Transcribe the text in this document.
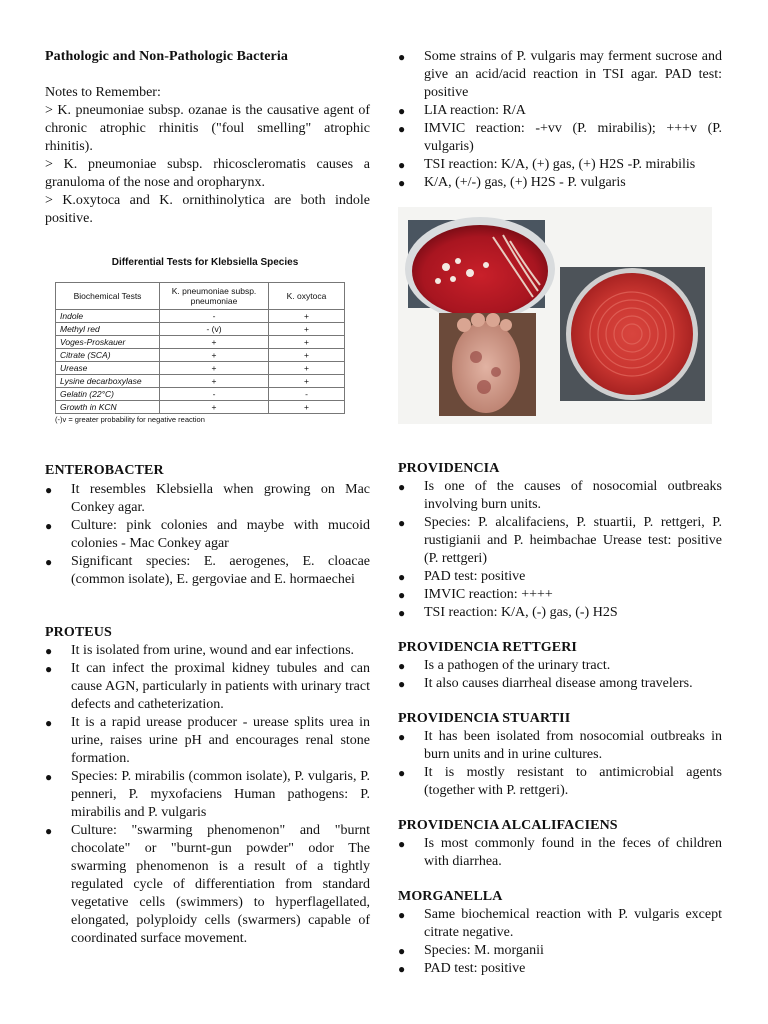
Pathologic and Non-Pathologic Bacteria

Notes to Remember:

> K. pneumoniae subsp. ozanae is the causative agent of chronic atrophic rhinitis ("foul smelling" atrophic rhinitis).

> K. pneumoniae subsp. rhicoscleromatis causes a granuloma of the nose and oropharynx.

> K.oxytoca and K. ornithinolytica are both indole positive.

Differential Tests for Klebsiella Species
Biochemical Tests	K. pneumoniae subsp. pneumoniae	K. oxytoca
Indole	-	+
Methyl red	- (v)	+
Voges-Proskauer	+	+
Citrate (SCA)	+	+
Urease	+	+
Lysine decarboxylase	+	+
Gelatin (22°C)	-	-
Growth in KCN	+	+
(-)v = greater probability for negative reaction
ENTEROBACTER
● It resembles Klebsiella when growing on Mac Conkey agar.
● Culture: pink colonies and maybe with mucoid colonies - Mac Conkey agar
● Significant species: E. aerogenes, E. cloacae (common isolate), E. gergoviae and E. hormaechei
PROTEUS
● It is isolated from urine, wound and ear infections.
● It can infect the proximal kidney tubules and can cause AGN, particularly in patients with urinary tract defects and catheterization.
● It is a rapid urease producer - urease splits urea in urine, raises urine pH and encourages renal stone formation.
● Species: P. mirabilis (common isolate), P. vulgaris, P. penneri, P. myxofaciens Human pathogens: P. mirabilis and P. vulgaris
● Culture: "swarming phenomenon" and "burnt chocolate" or "burnt-gun powder" odor The swarming phenomenon is a result of a tightly regulated cycle of differentiation from standard vegetative cells (swimmers) to hyperflagellated, elongated, polyploidy cells (swarmers) capable of coordinated surface movement.
● Some strains of P. vulgaris may ferment sucrose and give an acid/acid reaction in TSI agar. PAD test: positive
● LIA reaction: R/A
● IMVIC reaction: -+vv (P. mirabilis); +++v (P. vulgaris)
● TSI reaction: K/A, (+) gas, (+) H2S -P. mirabilis
● K/A, (+/-) gas, (+) H2S - P. vulgaris
PROVIDENCIA
● Is one of the causes of nosocomial outbreaks involving burn units.
● Species: P. alcalifaciens, P. stuartii, P. rettgeri, P. rustigianii and P. heimbachae Urease test: positive (P. rettgeri)
● PAD test: positive
● IMVIC reaction: ++++
● TSI reaction: K/A, (-) gas, (-) H2S
PROVIDENCIA RETTGERI
● Is a pathogen of the urinary tract.
● It also causes diarrheal disease among travelers.
PROVIDENCIA STUARTII
● It has been isolated from nosocomial outbreaks in burn units and in urine cultures.
● It is mostly resistant to antimicrobial agents (together with P. rettgeri).
PROVIDENCIA ALCALIFACIENS
● Is most commonly found in the feces of children with diarrhea.
MORGANELLA
● Same biochemical reaction with P. vulgaris except citrate negative.
● Species: M. morganii
● PAD test: positive
